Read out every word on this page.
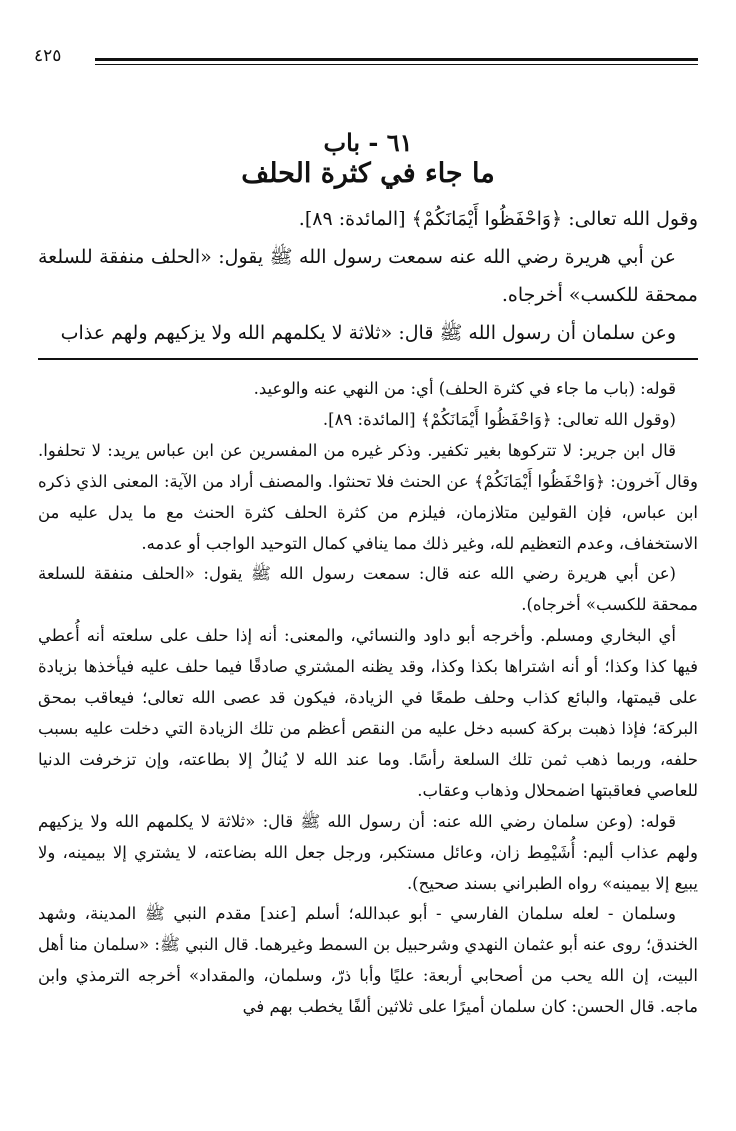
٤٢٥
٦١ - باب
ما جاء في كثرة الحلف

وقول الله تعالى: ﴿وَاحْفَظُوا أَيْمَانَكُمْ﴾ [المائدة: ٨٩].

عن أبي هريرة رضي الله عنه سمعت رسول الله ﷺ يقول: «الحلف منفقة للسلعة ممحقة للكسب» أخرجاه.

وعن سلمان أن رسول الله ﷺ قال: «ثلاثة لا يكلمهم الله ولا يزكيهم ولهم عذاب

قوله: (باب ما جاء في كثرة الحلف) أي: من النهي عنه والوعيد.

(وقول الله تعالى: ﴿وَاحْفَظُوا أَيْمَانَكُمْ﴾ [المائدة: ٨٩].

قال ابن جرير: لا تتركوها بغير تكفير. وذكر غيره من المفسرين عن ابن عباس يريد: لا تحلفوا. وقال آخرون: ﴿وَاحْفَظُوا أَيْمَانَكُمْ﴾ عن الحنث فلا تحنثوا. والمصنف أراد من الآية: المعنى الذي ذكره ابن عباس، فإن القولين متلازمان، فيلزم من كثرة الحلف كثرة الحنث مع ما يدل عليه من الاستخفاف، وعدم التعظيم لله، وغير ذلك مما ينافي كمال التوحيد الواجب أو عدمه.

(عن أبي هريرة رضي الله عنه قال: سمعت رسول الله ﷺ يقول: «الحلف منفقة للسلعة ممحقة للكسب» أخرجاه).

أي البخاري ومسلم. وأخرجه أبو داود والنسائي، والمعنى: أنه إذا حلف على سلعته أنه أُعطي فيها كذا وكذا؛ أو أنه اشتراها بكذا وكذا، وقد يظنه المشتري صادقًا فيما حلف عليه فيأخذها بزيادة على قيمتها، والبائع كذاب وحلف طمعًا في الزيادة، فيكون قد عصى الله تعالى؛ فيعاقب بمحق البركة؛ فإذا ذهبت بركة كسبه دخل عليه من النقص أعظم من تلك الزيادة التي دخلت عليه بسبب حلفه، وربما ذهب ثمن تلك السلعة رأسًا. وما عند الله لا يُنالُ إلا بطاعته، وإن تزخرفت الدنيا للعاصي فعاقبتها اضمحلال وذهاب وعقاب.

قوله: (وعن سلمان رضي الله عنه: أن رسول الله ﷺ قال: «ثلاثة لا يكلمهم الله ولا يزكيهم ولهم عذاب أليم: أُشَيْمِط زان، وعائل مستكبر، ورجل جعل الله بضاعته، لا يشتري إلا بيمينه، ولا يبيع إلا بيمينه» رواه الطبراني بسند صحيح).

وسلمان - لعله سلمان الفارسي - أبو عبدالله؛ أسلم [عند] مقدم النبي ﷺ المدينة، وشهد الخندق؛ روى عنه أبو عثمان النهدي وشرحبيل بن السمط وغيرهما. قال النبي ﷺ: «سلمان منا أهل البيت، إن الله يحب من أصحابي أربعة: عليًا وأبا ذرّ، وسلمان، والمقداد» أخرجه الترمذي وابن ماجه. قال الحسن: كان سلمان أميرًا على ثلاثين ألفًا يخطب بهم في
